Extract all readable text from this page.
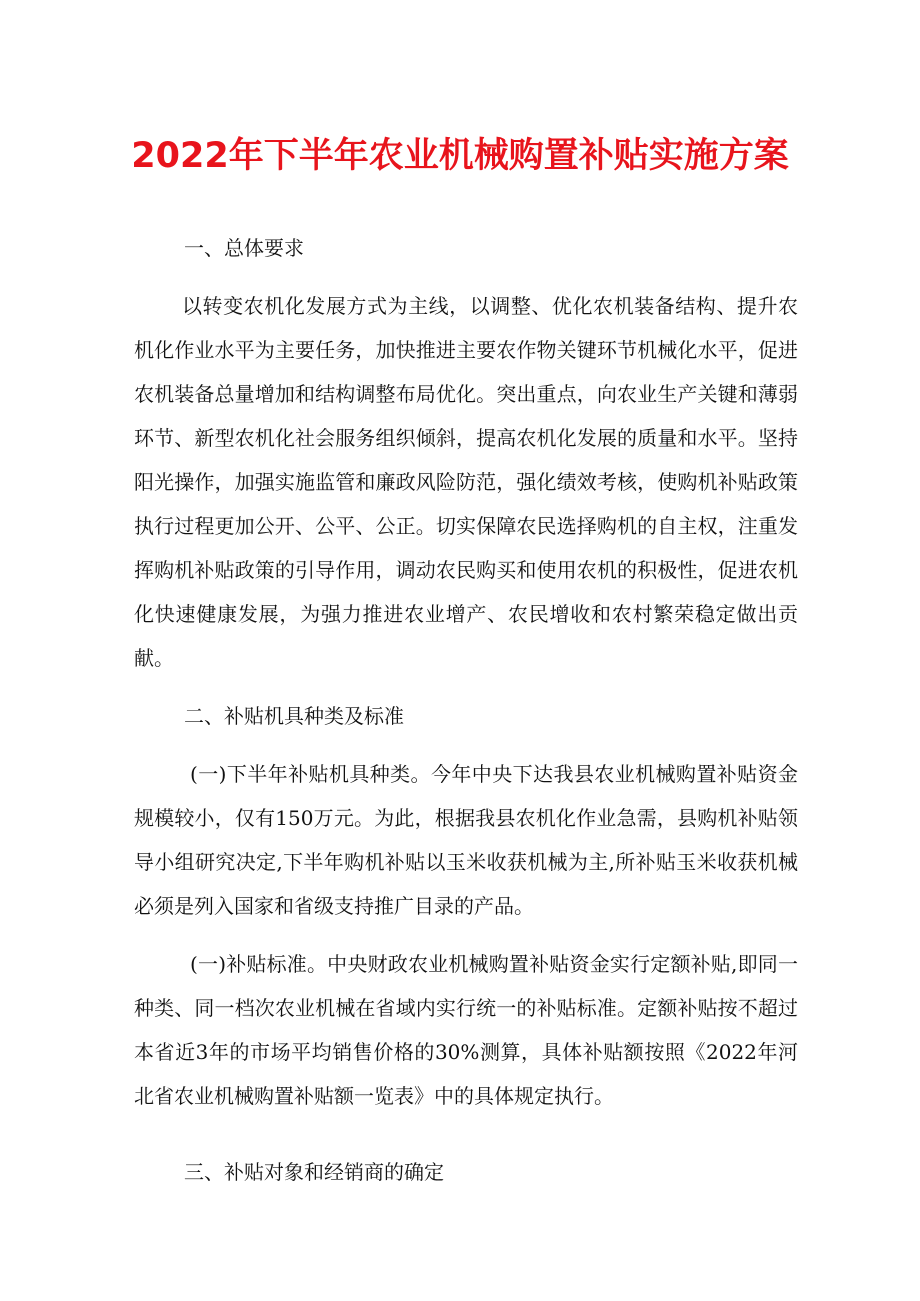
2022年下半年农业机械购置补贴实施方案

一、总体要求

以转变农机化发展方式为主线，以调整、优化农机装备结构、提升农机化作业水平为主要任务，加快推进主要农作物关键环节机械化水平，促进农机装备总量增加和结构调整布局优化。突出重点，向农业生产关键和薄弱环节、新型农机化社会服务组织倾斜，提高农机化发展的质量和水平。坚持阳光操作，加强实施监管和廉政风险防范，强化绩效考核，使购机补贴政策执行过程更加公开、公平、公正。切实保障农民选择购机的自主权，注重发挥购机补贴政策的引导作用，调动农民购买和使用农机的积极性，促进农机化快速健康发展，为强力推进农业增产、农民增收和农村繁荣稳定做出贡献。

二、补贴机具种类及标准

(一)下半年补贴机具种类。今年中央下达我县农业机械购置补贴资金规模较小，仅有150万元。为此，根据我县农机化作业急需，县购机补贴领导小组研究决定,下半年购机补贴以玉米收获机械为主,所补贴玉米收获机械必须是列入国家和省级支持推广目录的产品。

(一)补贴标准。中央财政农业机械购置补贴资金实行定额补贴,即同一种类、同一档次农业机械在省域内实行统一的补贴标准。定额补贴按不超过本省近3年的市场平均销售价格的30%测算，具体补贴额按照《2022年河北省农业机械购置补贴额一览表》中的具体规定执行。

三、补贴对象和经销商的确定
